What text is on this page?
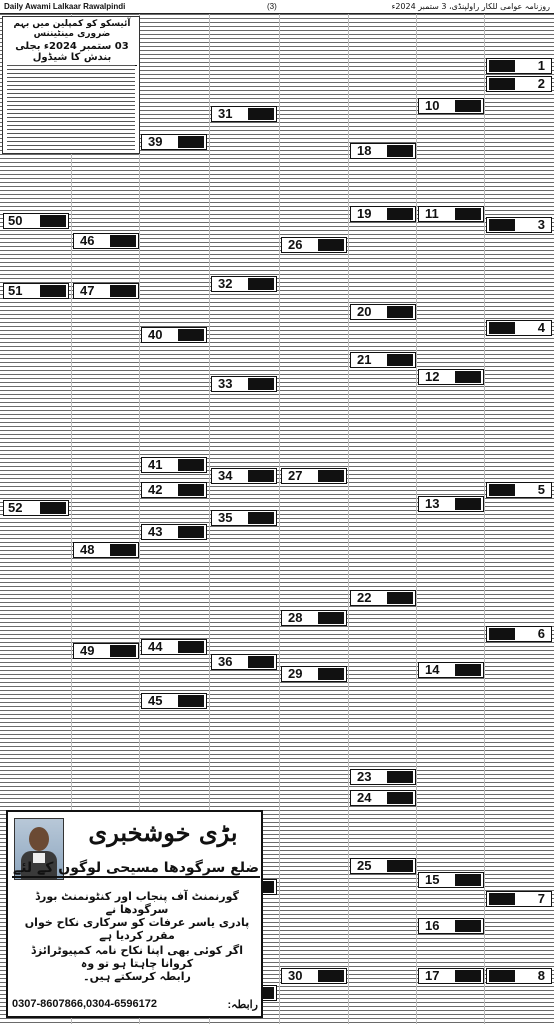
Daily Awami Lalkaar Rawalpindi	(3)	روزنامہ عوامی للکار راولپنڈی، 3 ستمبر 2024ء
آئیسکو کو کمپلین میں بہم ضروری مینٹیننس
03 ستمبر 2024ء بجلی بندش کا شیڈول
1
2
3
4
5
6
7
8
10
11
12
13
14
15
16
17
18
19
20
21
22
23
24
25
26
27
28
29
30
31
32
33
34
35
36
39
40
41
42
43
44
45
46
47
48
49
50
51
52
بڑی خوشخبری
ضلع سرگودھا مسیحی لوگوں کے لئے
گورنمنٹ آف پنجاب اور کنٹونمنٹ بورڈ سرگودھا نے
پادری یاسر عرفات کو سرکاری نکاح خواں مقرر کردیا ہے
اگر کوئی بھی اپنا نکاح نامہ کمپیوٹرائزڈ کروانا چاہتا ہو تو وہ
رابطہ کرسکتے ہیں۔
رابطہ:
0307-8607866,0304-6596172
